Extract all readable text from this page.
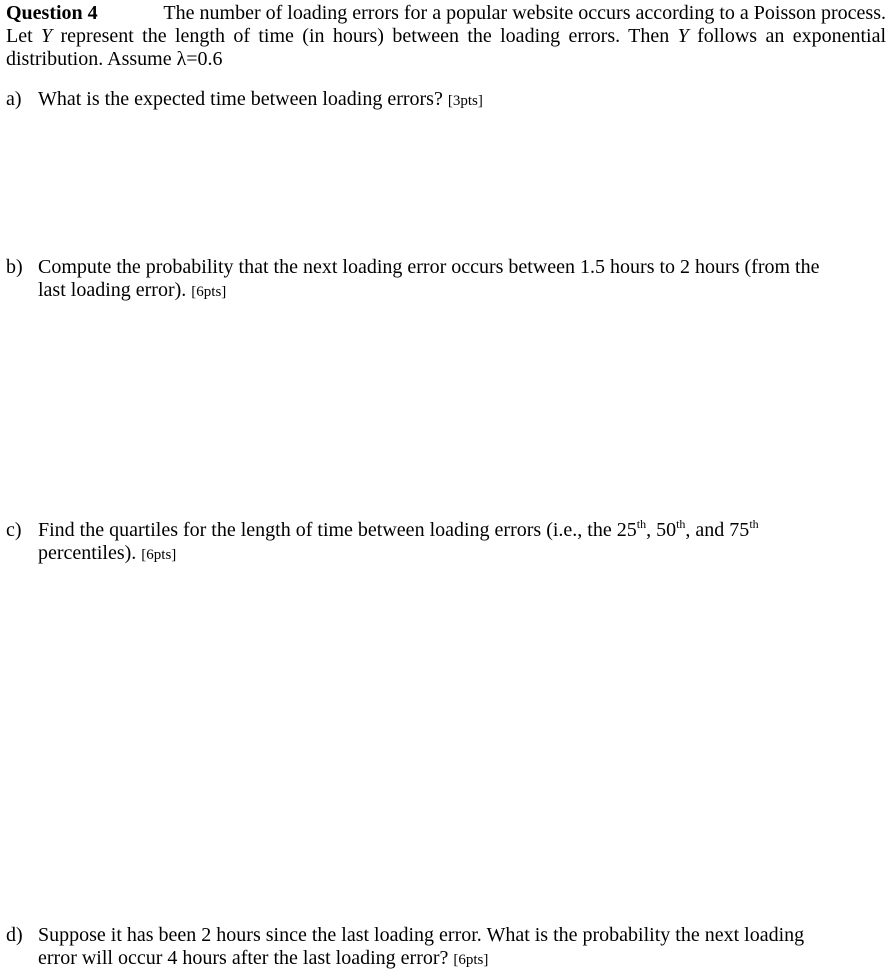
Question 4	The number of loading errors for a popular website occurs according to a Poisson process.
Let Y represent the length of time (in hours) between the loading errors. Then Y follows an exponential
distribution. Assume λ=0.6
a) What is the expected time between loading errors? [3pts]
b) Compute the probability that the next loading error occurs between 1.5 hours to 2 hours (from the
last loading error). [6pts]
c) Find the quartiles for the length of time between loading errors (i.e., the 25th, 50th, and 75th
percentiles). [6pts]
d) Suppose it has been 2 hours since the last loading error. What is the probability the next loading
error will occur 4 hours after the last loading error? [6pts]
